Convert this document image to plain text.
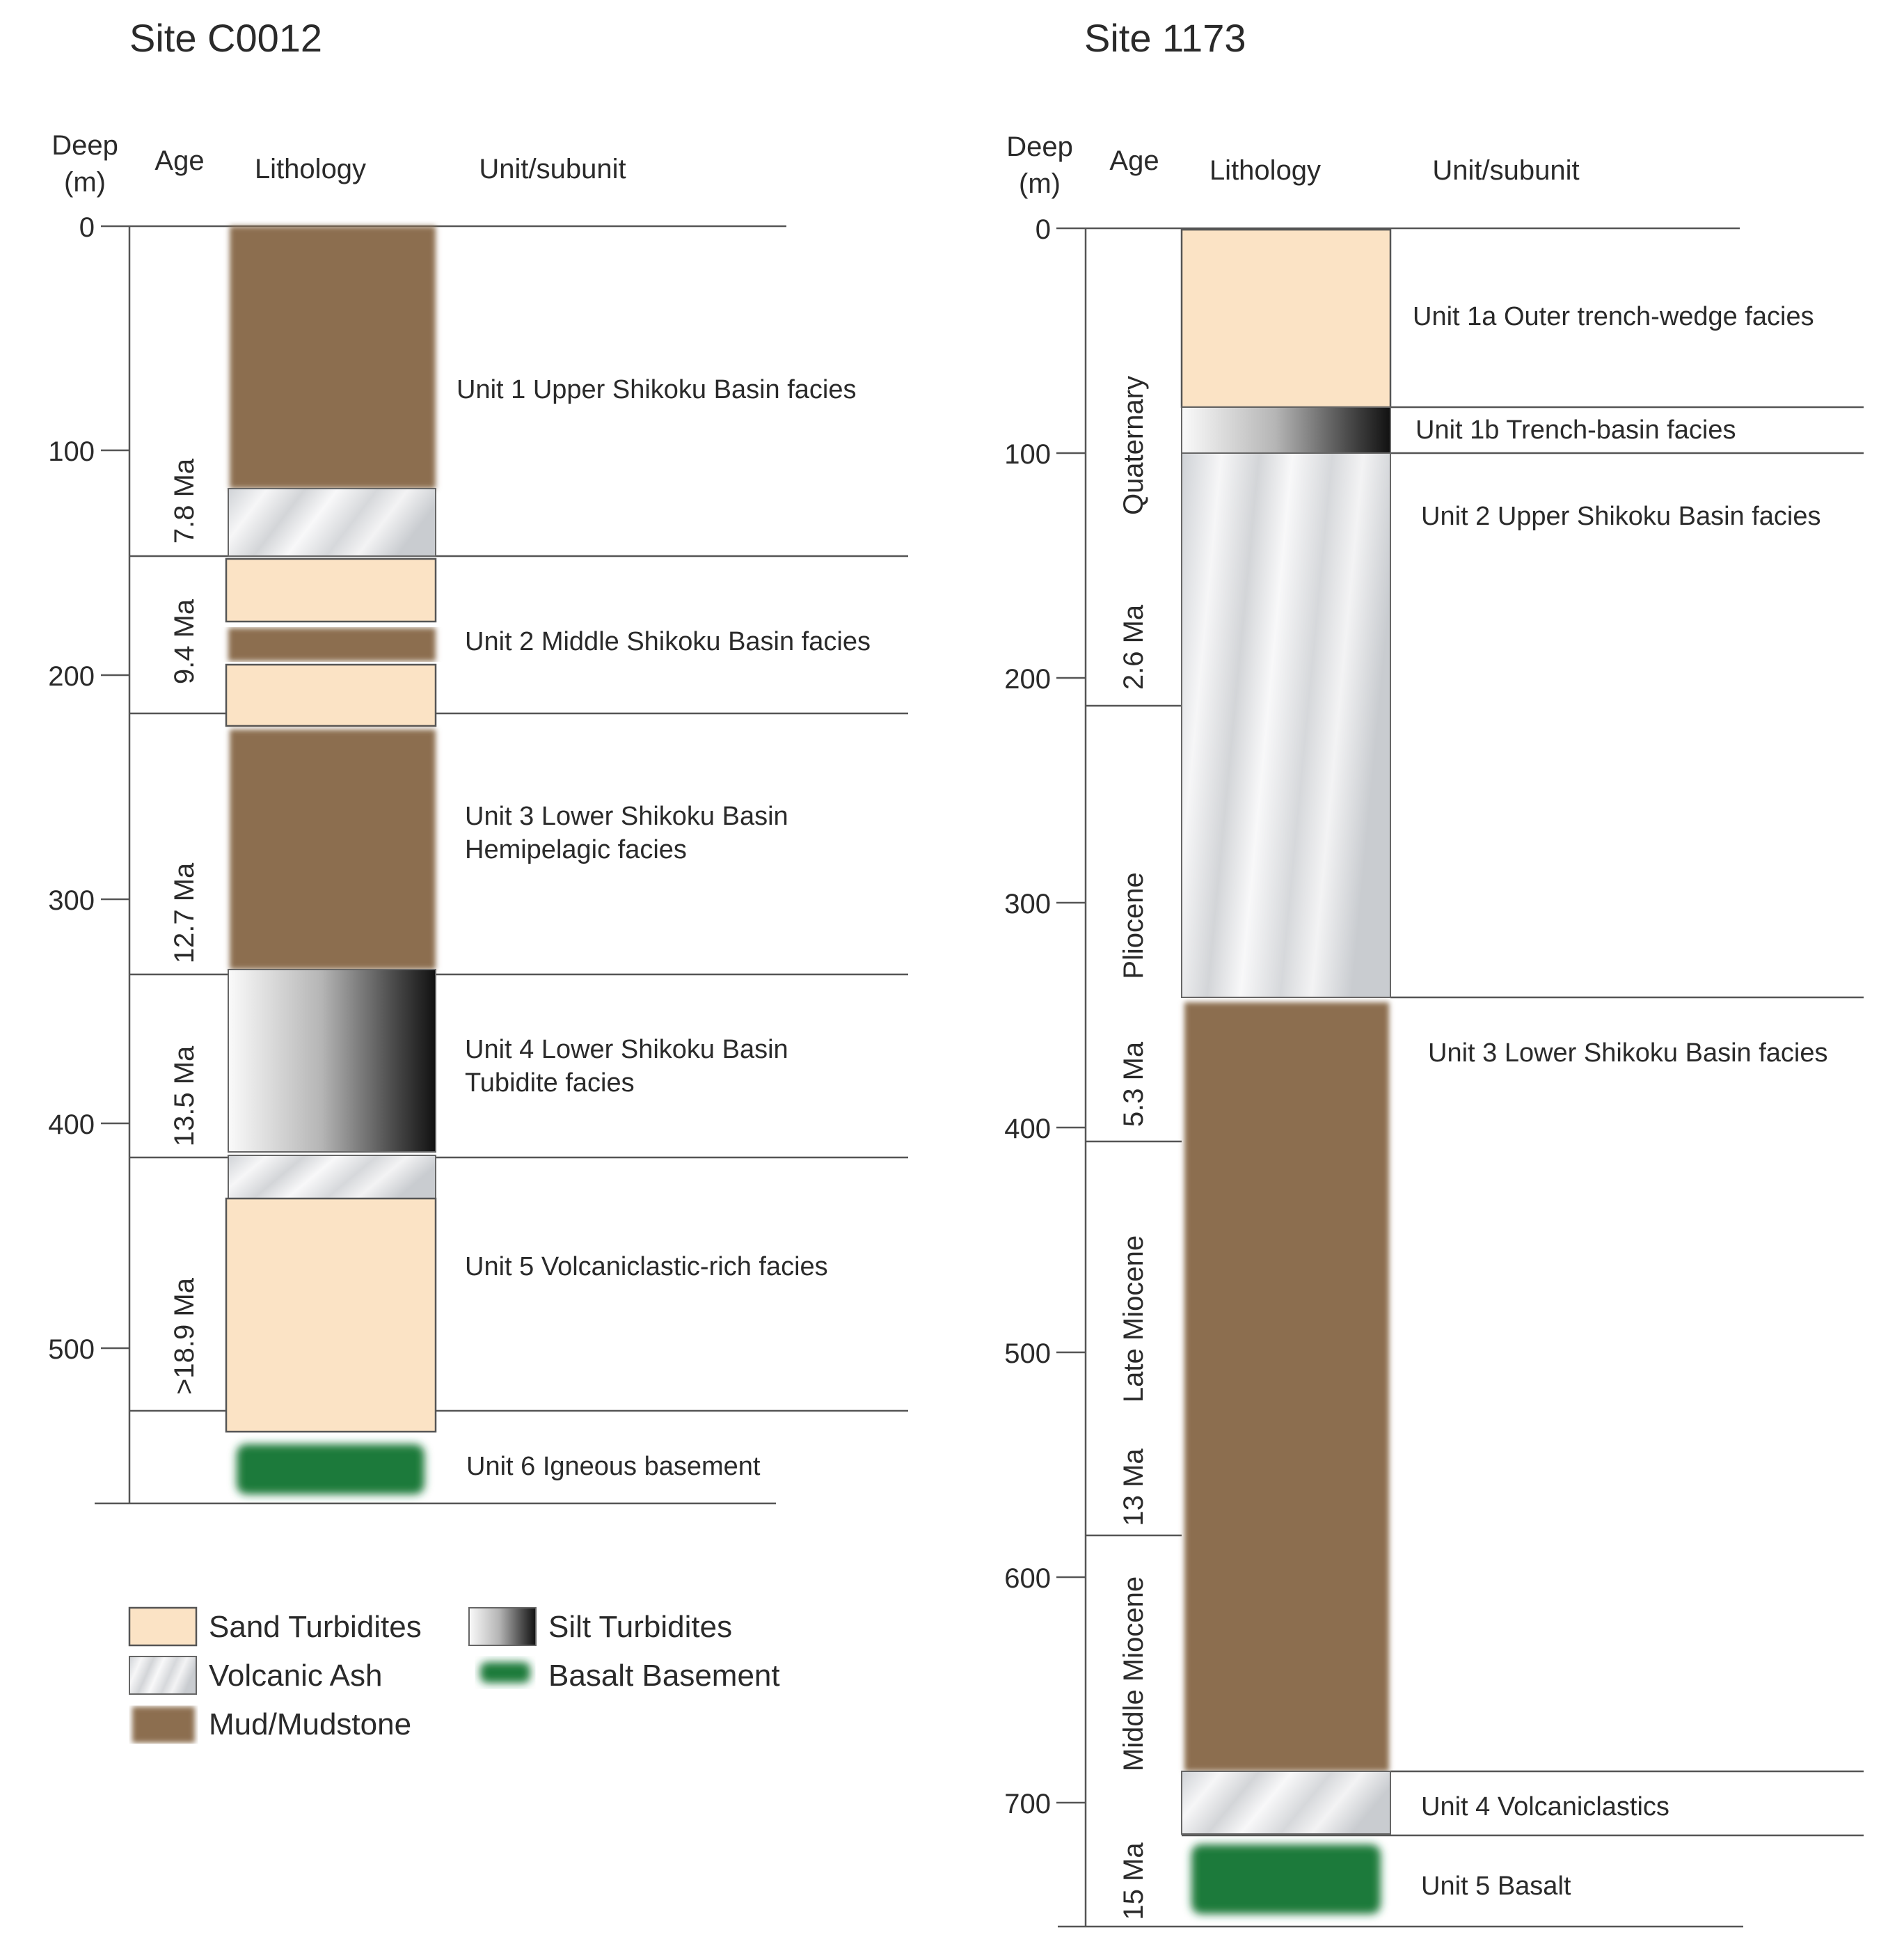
Site C0012
Deep
(m)
Age Lithology	Unit/subunit
0
100
200
300
400
500
7.8 Ma
9.4 Ma
12.7 Ma
13.5 Ma
>18.9 Ma
Unit 1 Upper Shikoku Basin facies
Unit 2 Middle Shikoku Basin facies
Unit 3 Lower Shikoku Basin
Hemipelagic facies
Unit 4 Lower Shikoku Basin
Tubidite facies
Unit 5 Volcaniclastic-rich facies
Unit 6 Igneous basement
Sand Turbidites
Volcanic Ash
Mud/Mudstone
Silt Turbidites
Basalt Basement
Site 1173
Deep
(m)
Age Lithology	Unit/subunit
0
100
200
300
400
500
600
700
Quaternary
2.6 Ma
Pliocene
5.3 Ma
Late Miocene
13 Ma
Middle Miocene
15 Ma
Unit 1a Outer trench-wedge facies
Unit 1b Trench-basin facies
Unit 2 Upper Shikoku Basin facies
Unit 3 Lower Shikoku Basin facies
Unit 4 Volcaniclastics
Unit 5 Basalt
